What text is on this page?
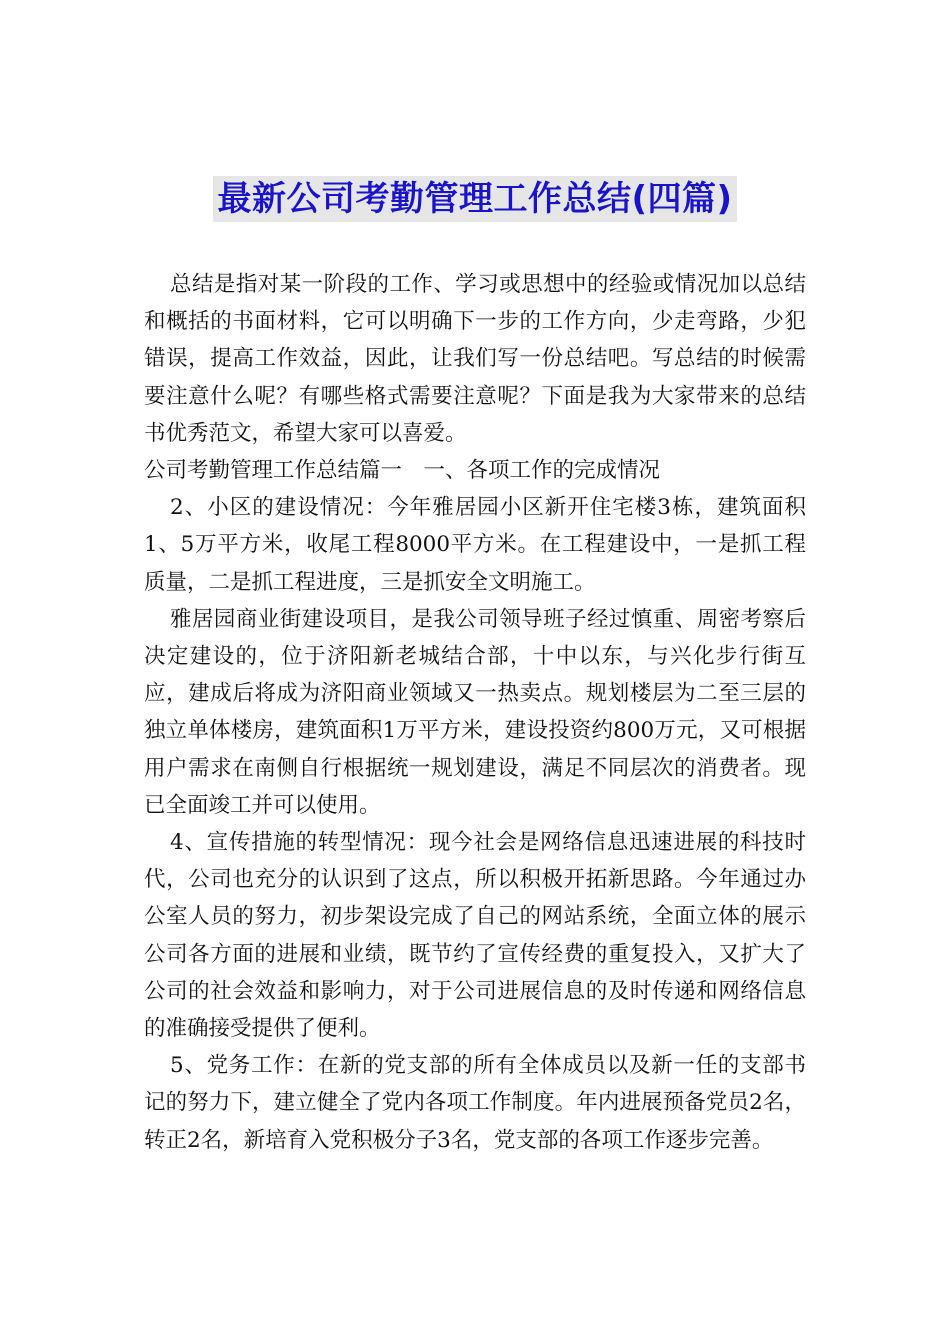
最新公司考勤管理工作总结(四篇)

总结是指对某一阶段的工作、学习或思想中的经验或情况加以总结和概括的书面材料，它可以明确下一步的工作方向，少走弯路，少犯错误，提高工作效益，因此，让我们写一份总结吧。写总结的时候需要注意什么呢？有哪些格式需要注意呢？下面是我为大家带来的总结书优秀范文，希望大家可以喜爱。

公司考勤管理工作总结篇一　一、各项工作的完成情况

2、小区的建设情况：今年雅居园小区新开住宅楼3栋，建筑面积1、5万平方米，收尾工程8000平方米。在工程建设中，一是抓工程质量，二是抓工程进度，三是抓安全文明施工。

雅居园商业街建设项目，是我公司领导班子经过慎重、周密考察后决定建设的，位于济阳新老城结合部，十中以东，与兴化步行街互应，建成后将成为济阳商业领域又一热卖点。规划楼层为二至三层的独立单体楼房，建筑面积1万平方米，建设投资约800万元，又可根据用户需求在南侧自行根据统一规划建设，满足不同层次的消费者。现已全面竣工并可以使用。

4、宣传措施的转型情况：现今社会是网络信息迅速进展的科技时代，公司也充分的认识到了这点，所以积极开拓新思路。今年通过办公室人员的努力，初步架设完成了自己的网站系统，全面立体的展示公司各方面的进展和业绩，既节约了宣传经费的重复投入，又扩大了公司的社会效益和影响力，对于公司进展信息的及时传递和网络信息的准确接受提供了便利。

5、党务工作：在新的党支部的所有全体成员以及新一任的支部书记的努力下，建立健全了党内各项工作制度。年内进展预备党员2名，转正2名，新培育入党积极分子3名，党支部的各项工作逐步完善。
